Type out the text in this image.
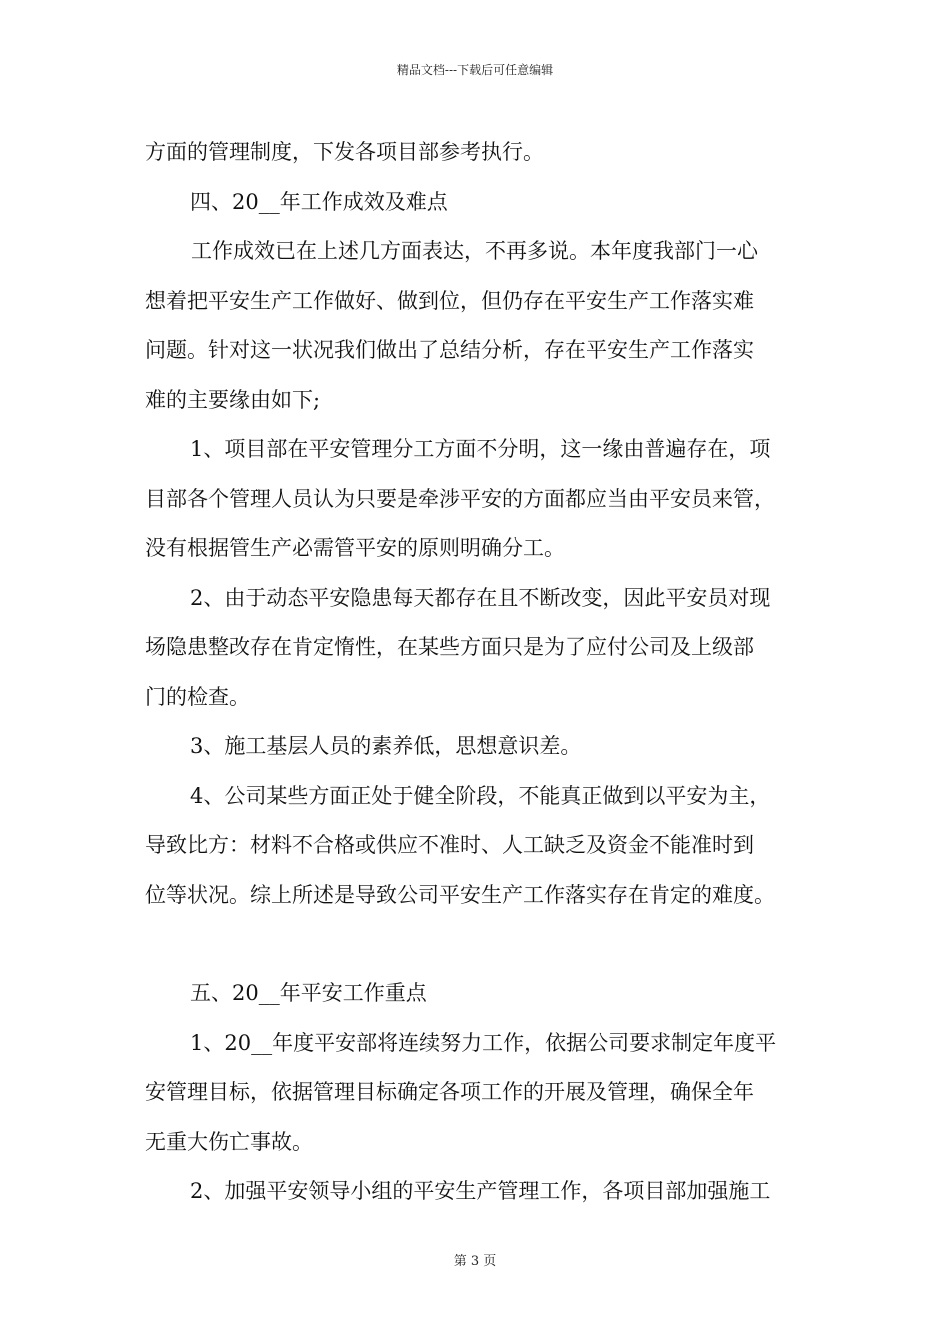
精品文档---下载后可任意编辑

方面的管理制度，下发各项目部参考执行。

四、20__年工作成效及难点

工作成效已在上述几方面表达，不再多说。本年度我部门一心

想着把平安生产工作做好、做到位，但仍存在平安生产工作落实难

问题。针对这一状况我们做出了总结分析，存在平安生产工作落实

难的主要缘由如下;

1、项目部在平安管理分工方面不分明，这一缘由普遍存在，项

目部各个管理人员认为只要是牵涉平安的方面都应当由平安员来管，

没有根据管生产必需管平安的原则明确分工。

2、由于动态平安隐患每天都存在且不断改变，因此平安员对现

场隐患整改存在肯定惰性，在某些方面只是为了应付公司及上级部

门的检查。

3、施工基层人员的素养低，思想意识差。

4、公司某些方面正处于健全阶段，不能真正做到以平安为主，

导致比方：材料不合格或供应不准时、人工缺乏及资金不能准时到

位等状况。综上所述是导致公司平安生产工作落实存在肯定的难度。

五、20__年平安工作重点

1、20__年度平安部将连续努力工作，依据公司要求制定年度平

安管理目标，依据管理目标确定各项工作的开展及管理，确保全年

无重大伤亡事故。

2、加强平安领导小组的平安生产管理工作，各项目部加强施工

第 3 页
